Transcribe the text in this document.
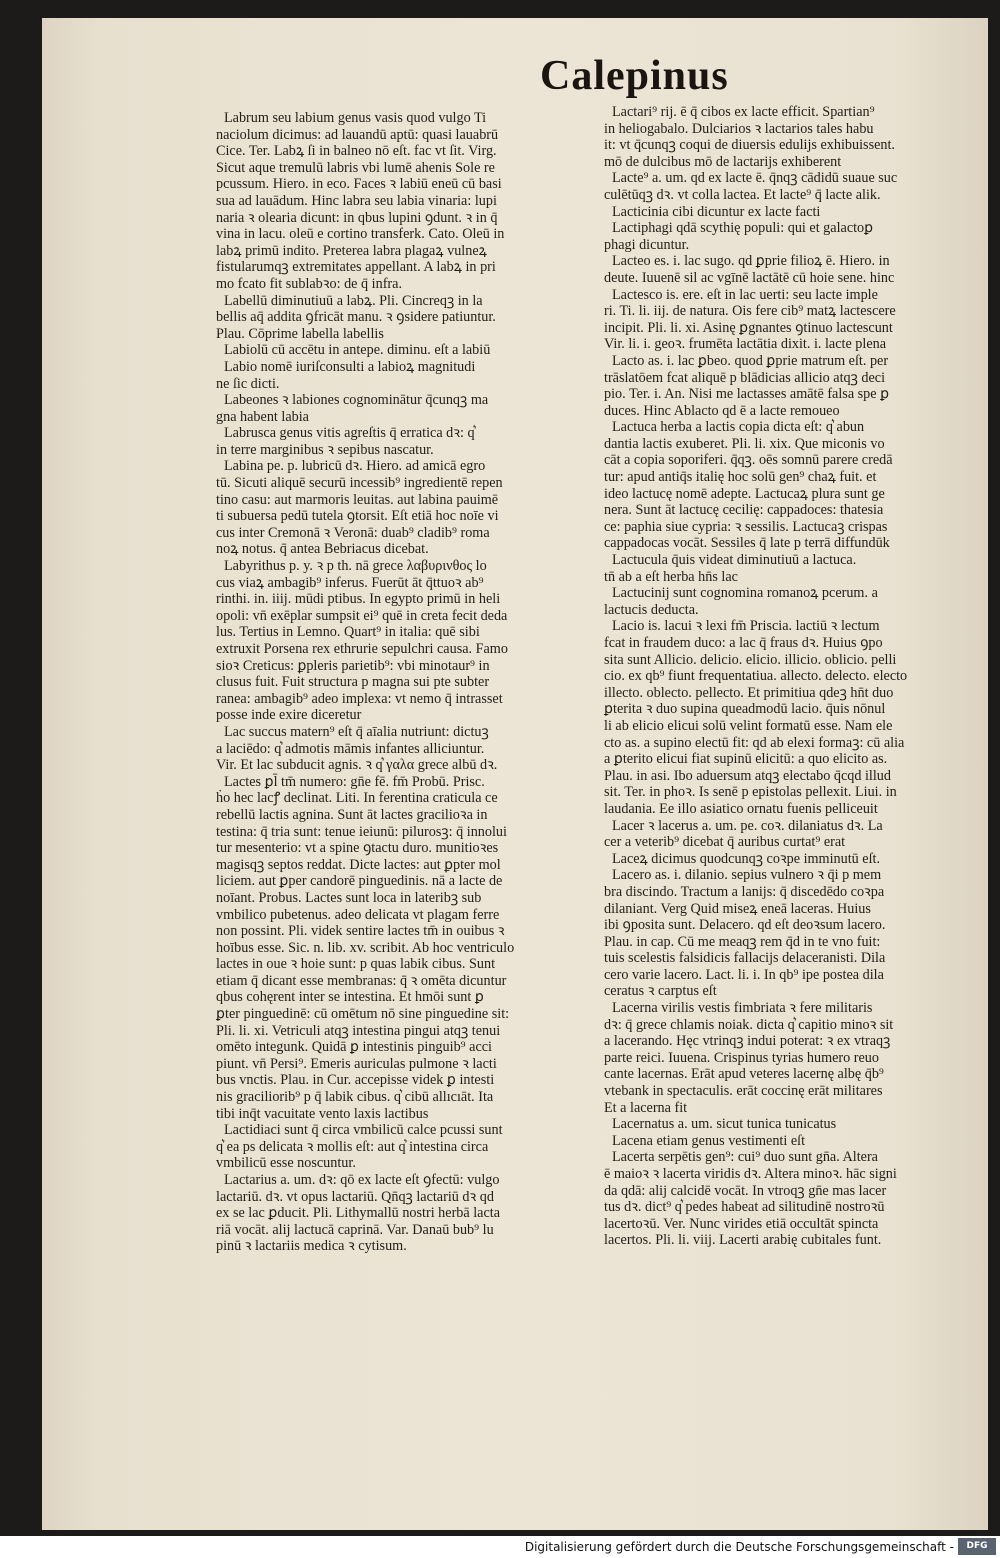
Calepinus

Labrum seu labium genus vasis quod vulgo Ti
naciolum dicimus: ad lauandū aptū: quasi lauabrū
Cice. Ter. Labꝝ ſi in balneo nō eſt. fac vt ſit. Virg.
Sicut aque tremulū labris vbi lumē ahenis Sole re
pcussum. Hiero. in eco. Faces ꝛ labiū eneū cū basi
sua ad lauādum. Hinc labra seu labia vinaria: lupi
naria ꝛ olearia dicunt: in qbus lupini ꝯdunt. ꝛ in q̄
vina in lacu. oleū e cortino transferk. Cato. Oleū in
labꝝ primū indito. Preterea labra plagaꝝ vulneꝝ
fistularumqꝫ extremitates appellant. A labꝝ in pri
mo fcato fit sublabꝛo: de q̄ infra.

Labellū diminutiuū a labꝝ. Pli. Cincreqꝫ in la
bellis aq̄ addita ꝯfricāt manu. ꝛ ꝯsidere patiuntur.
Plau. Cōprime labella labellis

Labiolū cū accētu in antepe. diminu. eſt a labiū

Labio nomē iuriſconsulti a labioꝝ magnitudi
ne ſic dicti.

Labeones ꝛ labiones cognominātur q̄cunqꝫ ma
gna habent labia

Labrusca genus vitis agreſtis q̄ erratica dꝛ: q͛
in terre marginibus ꝛ sepibus nascatur.

Labina pe. p. lubricū dꝛ. Hiero. ad amicā egro
tū. Sicuti aliquē securū incessib⁹ ingredientē repen
tino casu: aut marmoris leuitas. aut labina pauimē
ti subuersa pedū tutela ꝯtorsit. Eſt etiā hoc noīe vi
cus inter Cremonā ꝛ Veronā: duab⁹ cladib⁹ roma
noꝝ notus. q̄ antea Bebriacus dicebat.

Labyrithus p. y. ꝛ p th. nā grece λαβυρινθος lo
cus viaꝝ ambagib⁹ inferus. Fuerūt āt q̄ttuoꝛ ab⁹
rinthi. in. iiij. mūdi ptibus. In egypto primū in heli
opoli: vn̄ exēplar sumpsit ei⁹ quē in creta fecit deda
lus. Tertius in Lemno. Quart⁹ in italia: quē sibi
extruxit Porsena rex ethrurie sepulchri causa. Famo
sioꝛ Creticus: ꝑpleris parietib⁹: vbi minotaur⁹ in
clusus fuit. Fuit structura p magna sui pte subter
ranea: ambagib⁹ adeo implexa: vt nemo q̄ intrasset
posse inde exire diceretur

Lac succus matern⁹ eſt q̄ aīalia nutriunt: dictuꝫ
a laciēdo: q͛ admotis māmis infantes alliciuntur.
Vir. Et lac subducit agnis. ꝛ q͛ γαλα grece albū dꝛ.

Lactes ꝑl̄ tm̄ numero: gn̄e fē. fm̄ Probū. Prisc.
ḣo hec lacꝭ declinat. Liti. In ferentina craticula ce
rebellū lactis agnina. Sunt āt lactes gracilioꝛa in
testina: q̄ tria sunt: tenue ieiunū: pilurosꝫ: q̄ innolui
tur mesenterio: vt a spine ꝯtactu duro. munitioꝛes
magisqꝫ septos reddat. Dicte lactes: aut ꝑpter mol
liciem. aut ꝑper candorē pinguedinis. nā a lacte de
noīant. Probus. Lactes sunt loca in lateribꝫ sub
vmbilico pubetenus. adeo delicata vt plagam ferre
non possint. Pli. videk sentire lactes tm̄ in ouibus ꝛ
hoībus esse. Sic. n. lib. xv. scribit. Ab hoc ventriculo
lactes in oue ꝛ hoie sunt: p quas labik cibus. Sunt
etiam q̄ dicant esse membranas: q̄ ꝛ omēta dicuntur
qbus cohęrent inter se intestina. Et hmōi sunt ꝑ
ꝑter pinguedinē: cū omētum nō sine pinguedine sit:
Pli. li. xi. Vetriculi atqꝫ intestina pingui atqꝫ tenui
omēto integunk. Quidā ꝑ intestinis pinguib⁹ acci
piunt. vn̄ Persi⁹. Emeris auriculas pulmone ꝛ lacti
bus vnctis. Plau. in Cur. accepisse videk ꝑ intesti
nis graciliorib⁹ p q̄ labik cibus. q͛ cibū allıcıāt. Ita
tibi inq̄t vacuitate vento laxis lactibus

Lactidiaci sunt q̄ circa vmbilicū calce pcussi sunt
q͛ ea ps delicata ꝛ mollis eſt: aut q͛ intestina circa
vmbilicū esse noscuntur.

Lactarius a. um. dꝛ: qō ex lacte eſt ꝯfectū: vulgo
lactariū. dꝛ. vt opus lactariū. Qn̄qꝫ lactariū dꝛ qd
ex se lac ꝑducit. Pli. Lithymallū nostri herbā lacta
riā vocāt. alij lactucā caprinā. Var. Danaū bub⁹ lu
pinū ꝛ lactariis medica ꝛ cytisum.

Lactari⁹ rij. ē q̄ cibos ex lacte efficit. Spartian⁹
in heliogabalo. Dulciarios ꝛ lactarios tales habu
it: vt q̄cunqꝫ coqui de diuersis edulijs exhibuissent.
mō de dulcibus mō de lactarijs exhiberent

Lacte⁹ a. um. qd ex lacte ē. q̄nqꝫ cādidū suaue suc
culētūqꝫ dꝛ. vt colla lactea. Et lacte⁹ q̄ lacte alik.

Lacticinia cibi dicuntur ex lacte facti

Lactiphagi qdā scythię populi: qui et galactoꝑ
phagi dicuntur.

Lacteo es. i. lac sugo. qd ꝑprie filioꝝ ē. Hiero. in
deute. Iuuenē sil ac vgīnē lactātē cū hoie sene. hinc

Lactesco is. ere. eſt in lac uerti: seu lacte imple
ri. Ti. li. iij. de natura. Ois fere cib⁹ matꝝ lactescere
incipit. Pli. li. xi. Asinę ꝑgnantes ꝯtinuo lactescunt
Vir. li. i. geoꝛ. frumēta lactātia dixit. i. lacte plena

Lacto as. i. lac ꝑbeo. quod ꝑprie matrum eſt. per
trāslatōem fcat aliquē p blādicias allicio atqꝫ deci
pio. Ter. i. An. Nisi me lactasses amātē falsa spe ꝑ
duces. Hinc Ablacto qd ē a lacte remoueo

Lactuca herba a lactis copia dicta eſt: q͛ abun
dantia lactis exuberet. Pli. li. xix. Que miconis vo
cāt a copia soporiferi. q̄qꝫ. oēs somnū parere credā
tur: apud antiq̄s italię hoc solū gen⁹ chaꝝ fuit. et
ideo lactucę nomē adepte. Lactucaꝝ plura sunt ge
nera. Sunt āt lactucę cecilię: cappadoces: thatesia
ce: paphia siue cypria: ꝛ sessilis. Lactucaꝫ crispas
cappadocas vocāt. Sessiles q̄ late p terrā diffundūk

Lactucula q̄uis videat diminutiuū a lactuca.
tn̄ ab a eſt herba hn̄s lac

Lactucinij sunt cognomina romanoꝝ pcerum. a
lactucis deducta.

Lacio is. lacui ꝛ lexi fm̄ Priscia. lactiū ꝛ lectum
fcat in fraudem duco: a lac q̄ fraus dꝛ. Huius ꝯpo
sita sunt Allicio. delicio. elicio. illicio. oblicio. pelli
cio. ex qb⁹ fiunt frequentatiua. allecto. delecto. electo
illecto. oblecto. pellecto. Et primitiua qdeꝫ hn̄t duo
ꝑterita ꝛ duo supina queadmodū lacio. q̄uis nōnul
li ab elicio elicui solū velint formatū esse. Nam ele
cto as. a supino electū fit: qd ab elexi formaꝫ: cū alia
a ꝑterito elicui fiat supinū elicitū: a quo elicito as.
Plau. in asi. Ibo aduersum atqꝫ electabo q̄cqd illud
sit. Ter. in phoꝛ. Is senē p epistolas pellexit. Liui. in
laudania. Ee illo asiatico ornatu fuenis pelliceuit

Lacer ꝛ lacerus a. um. pe. coꝛ. dilaniatus dꝛ. La
cer a veterib⁹ dicebat q̄ auribus curtat⁹ erat

Laceꝝ dicimus quodcunqꝫ coꝛpe imminutū eſt.

Lacero as. i. dilanio. sepius vulnero ꝛ q̄i p mem
bra discindo. Tractum a lanijs: q̄ discedēdo coꝛpa
dilaniant. Verg Quid miseꝝ eneā laceras. Huius
ibi ꝯposita sunt. Delacero. qd eſt deoꝛsum lacero.
Plau. in cap. Cū me meaqꝫ rem q̄d in te vno fuit:
tuis scelestis falsidicis fallacijs delaceranisti. Dila
cero varie lacero. Lact. li. i. In qb⁹ ipe postea dila
ceratus ꝛ carptus eſt

Lacerna virilis vestis fimbriata ꝛ fere militaris
dꝛ: q̄ grece chlamis noiak. dicta q͛ capitio minoꝛ sit
a lacerando. Hęc vtrinqꝫ indui poterat: ꝛ ex vtraqꝫ
parte reici. Iuuena. Crispinus tyrias humero reuo
cante lacernas. Erāt apud veteres lacernę albę q̄b⁹
vtebank in spectaculis. erāt coccinę erāt militares
Et a lacerna fit

Lacernatus a. um. sicut tunica tunicatus

Lacena etiam genus vestimenti eſt

Lacerta serpētis gen⁹: cui⁹ duo sunt gn̄a. Altera
ē maioꝛ ꝛ lacerta viridis dꝛ. Altera minoꝛ. hāc signi
da qdā: alij calcidē vocāt. In vtroqꝫ gn̄e mas lacer
tus dꝛ. dict⁹ q͛ pedes habeat ad silitudinē nostroꝛū
lacertoꝛū. Ver. Nunc virides etiā occultāt spincta
lacertos. Pli. li. viij. Lacerti arabię cubitales funt.

Digitalisierung gefördert durch die Deutsche Forschungsgemeinschaft -	DFG
